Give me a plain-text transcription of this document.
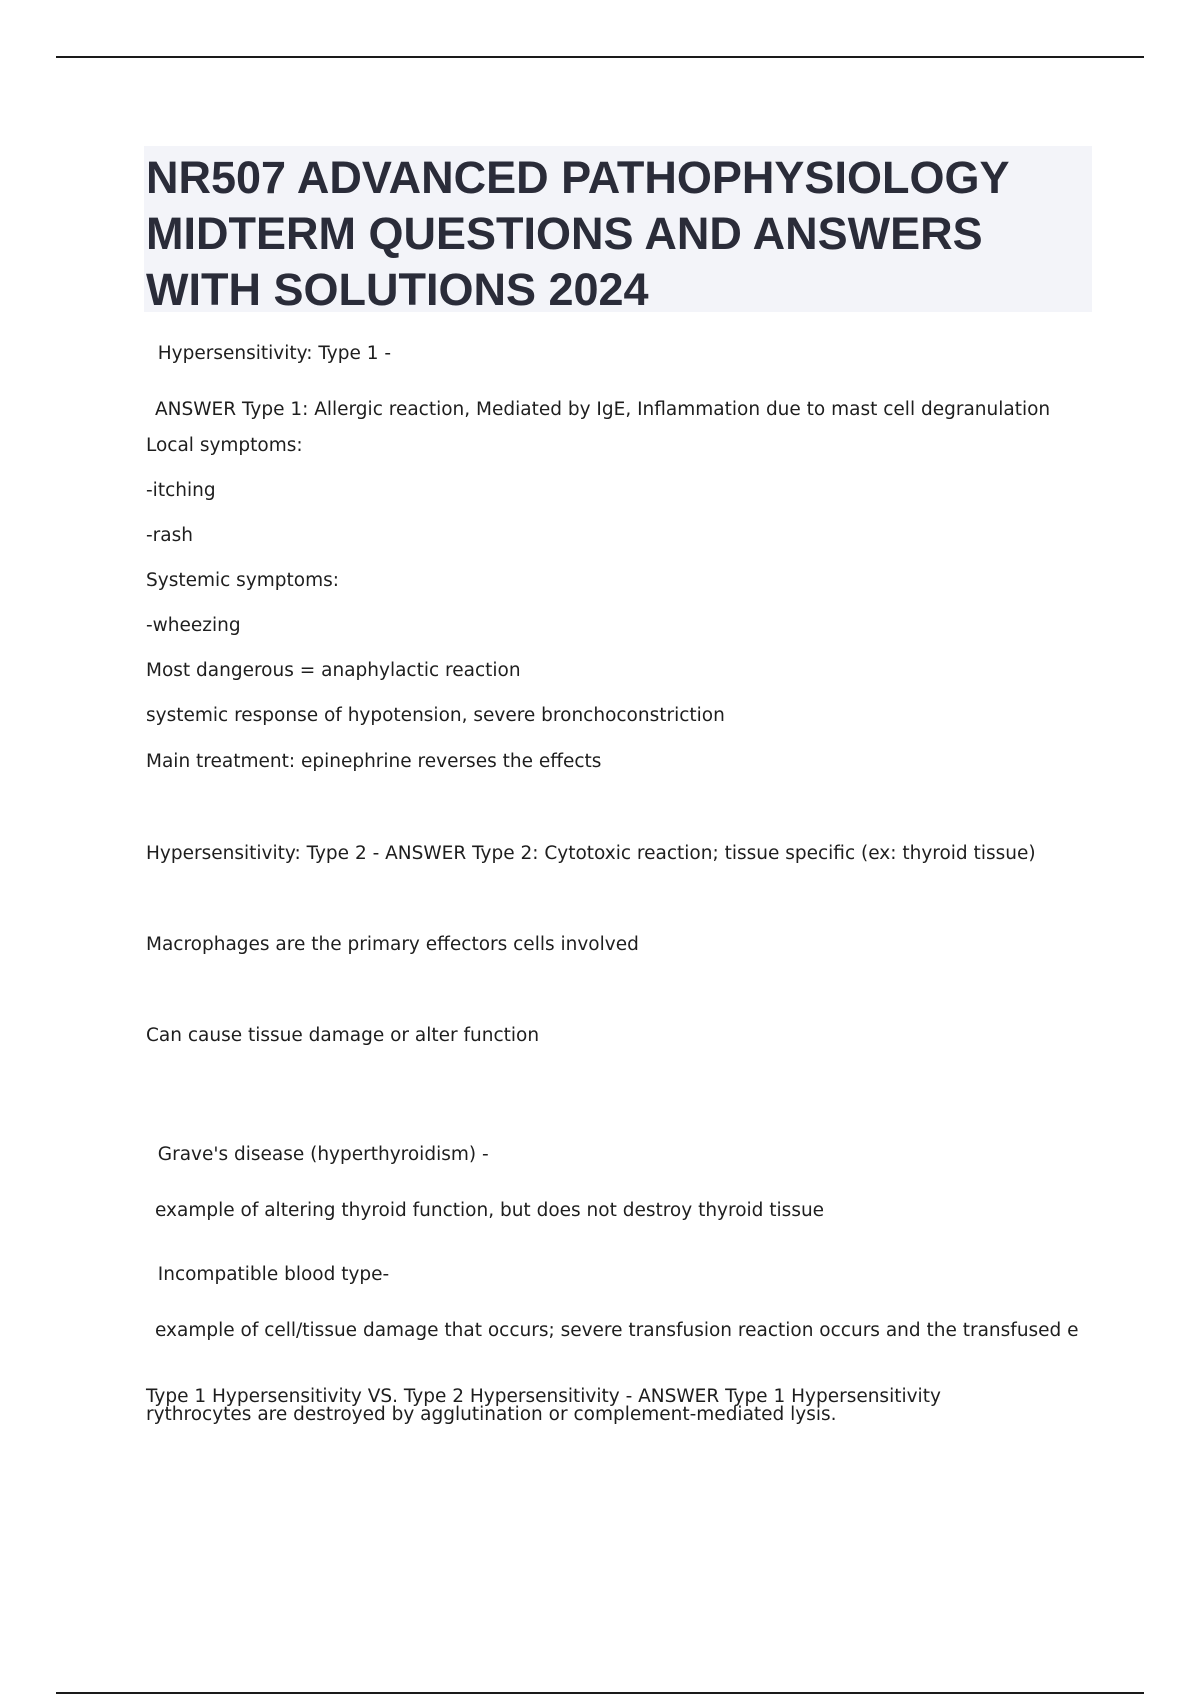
NR507 ADVANCED PATHOPHYSIOLOGY MIDTERM QUESTIONS AND ANSWERS WITH SOLUTIONS 2024

Hypersensitivity: Type 1 -

ANSWER Type 1: Allergic reaction, Mediated by IgE, Inflammation due to mast cell degranulation

Local symptoms:

-itching

-rash

Systemic symptoms:

-wheezing

Most dangerous = anaphylactic reaction

systemic response of hypotension, severe bronchoconstriction

Main treatment: epinephrine reverses the effects

Hypersensitivity: Type 2 - ANSWER Type 2: Cytotoxic reaction; tissue specific (ex: thyroid tissue)

Macrophages are the primary effectors cells involved

Can cause tissue damage or alter function

Grave's disease (hyperthyroidism) -

example of altering thyroid function, but does not destroy thyroid tissue

Incompatible blood type-

example of cell/tissue damage that occurs; severe transfusion reaction occurs and the transfused e

rythrocytes are destroyed by agglutination or complement-mediated lysis.

Type 1 Hypersensitivity VS. Type 2 Hypersensitivity - ANSWER Type 1 Hypersensitivity
